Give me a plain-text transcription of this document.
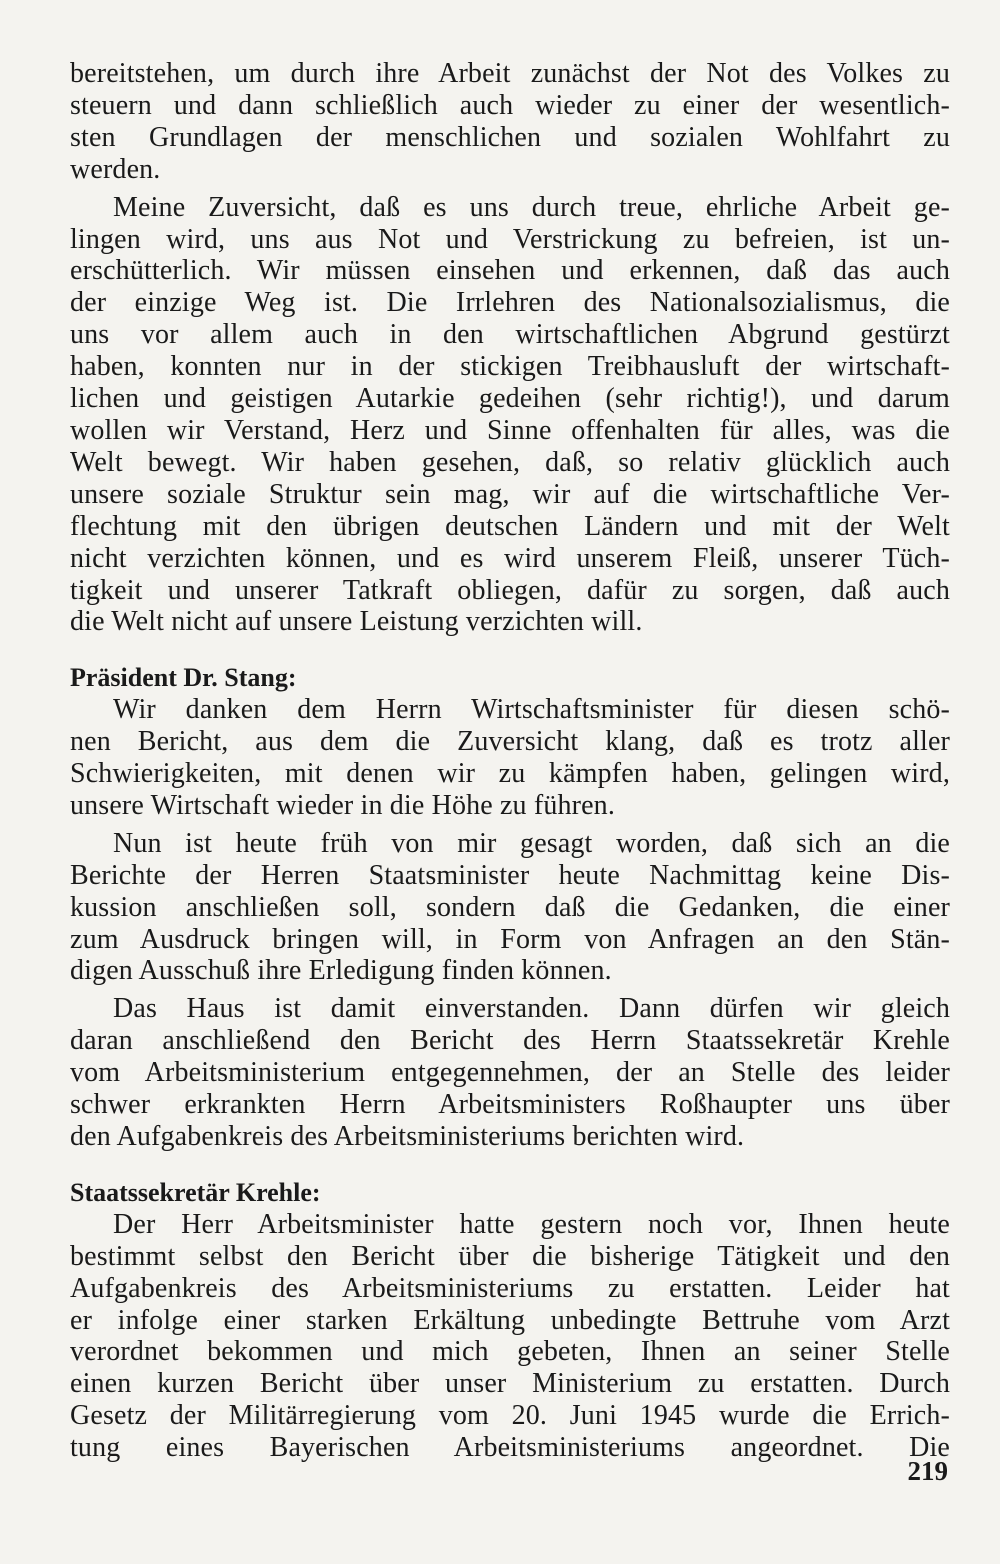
bereitstehen, um durch ihre Arbeit zunächst der Not des Volkes zu
steuern und dann schließlich auch wieder zu einer der wesentlich-
sten Grundlagen der menschlichen und sozialen Wohlfahrt zu
werden.
Meine Zuversicht, daß es uns durch treue, ehrliche Arbeit ge-
lingen wird, uns aus Not und Verstrickung zu befreien, ist un-
erschütterlich. Wir müssen einsehen und erkennen, daß das auch
der einzige Weg ist. Die Irrlehren des Nationalsozialismus, die
uns vor allem auch in den wirtschaftlichen Abgrund gestürzt
haben, konnten nur in der stickigen Treibhausluft der wirtschaft-
lichen und geistigen Autarkie gedeihen (sehr richtig!), und darum
wollen wir Verstand, Herz und Sinne offenhalten für alles, was die
Welt bewegt. Wir haben gesehen, daß, so relativ glücklich auch
unsere soziale Struktur sein mag, wir auf die wirtschaftliche Ver-
flechtung mit den übrigen deutschen Ländern und mit der Welt
nicht verzichten können, und es wird unserem Fleiß, unserer Tüch-
tigkeit und unserer Tatkraft obliegen, dafür zu sorgen, daß auch
die Welt nicht auf unsere Leistung verzichten will.
Präsident Dr. Stang:
Wir danken dem Herrn Wirtschaftsminister für diesen schö-
nen Bericht, aus dem die Zuversicht klang, daß es trotz aller
Schwierigkeiten, mit denen wir zu kämpfen haben, gelingen wird,
unsere Wirtschaft wieder in die Höhe zu führen.
Nun ist heute früh von mir gesagt worden, daß sich an die
Berichte der Herren Staatsminister heute Nachmittag keine Dis-
kussion anschließen soll, sondern daß die Gedanken, die einer
zum Ausdruck bringen will, in Form von Anfragen an den Stän-
digen Ausschuß ihre Erledigung finden können.
Das Haus ist damit einverstanden. Dann dürfen wir gleich
daran anschließend den Bericht des Herrn Staatssekretär Krehle
vom Arbeitsministerium entgegennehmen, der an Stelle des leider
schwer erkrankten Herrn Arbeitsministers Roßhaupter uns über
den Aufgabenkreis des Arbeitsministeriums berichten wird.
Staatssekretär Krehle:
Der Herr Arbeitsminister hatte gestern noch vor, Ihnen heute
bestimmt selbst den Bericht über die bisherige Tätigkeit und den
Aufgabenkreis des Arbeitsministeriums zu erstatten. Leider hat
er infolge einer starken Erkältung unbedingte Bettruhe vom Arzt
verordnet bekommen und mich gebeten, Ihnen an seiner Stelle
einen kurzen Bericht über unser Ministerium zu erstatten. Durch
Gesetz der Militärregierung vom 20. Juni 1945 wurde die Errich-
tung eines Bayerischen Arbeitsministeriums angeordnet. Die
219
